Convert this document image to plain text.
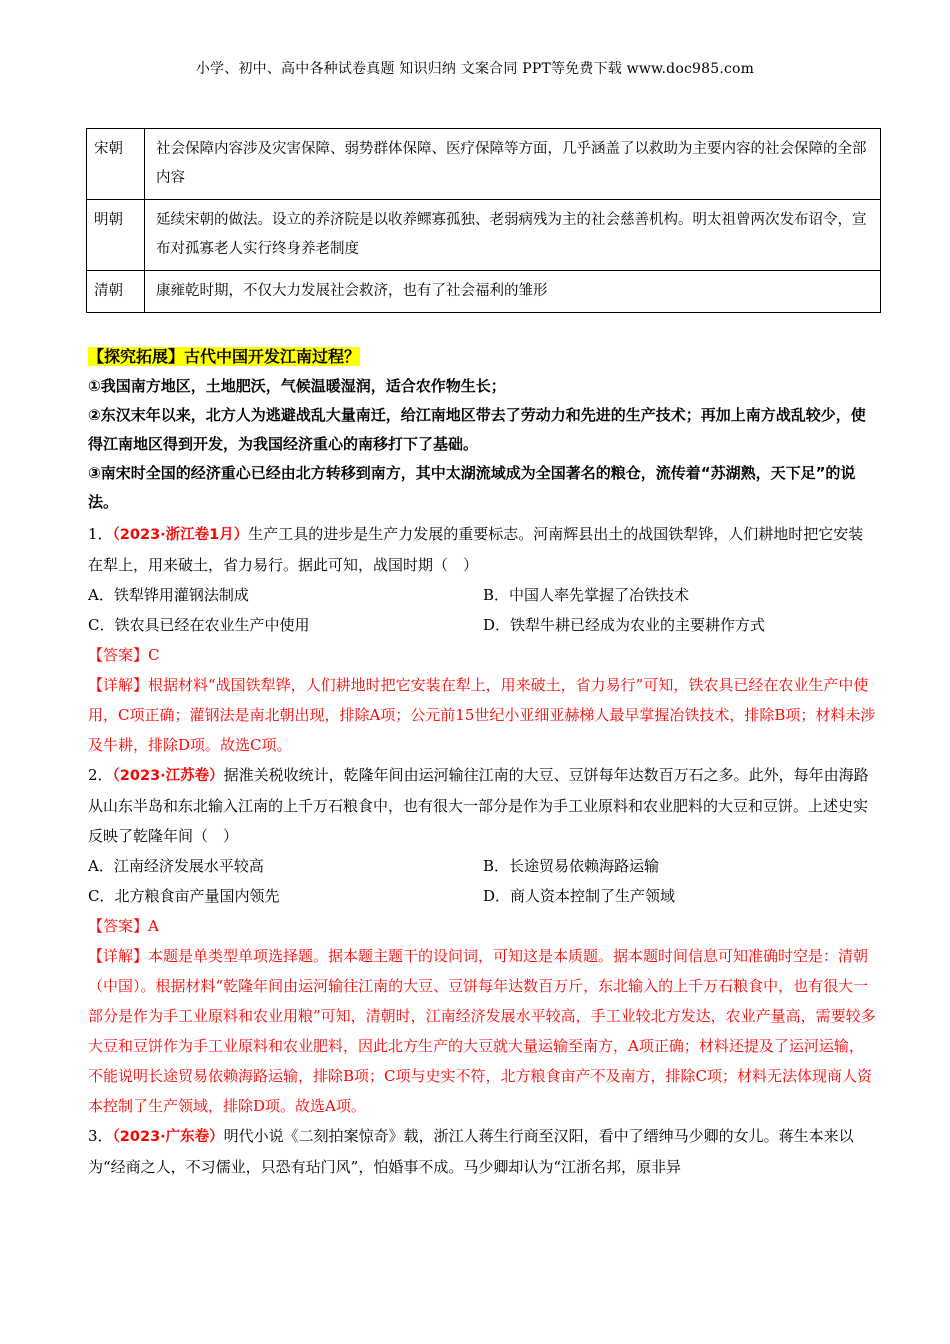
小学、初中、高中各种试卷真题 知识归纳 文案合同 PPT等免费下载 www.doc985.com
宋朝	社会保障内容涉及灾害保障、弱势群体保障、医疗保障等方面，几乎涵盖了以救助为主要内容的社会保障的全部内容
明朝	延续宋朝的做法。设立的养济院是以收养鳏寡孤独、老弱病残为主的社会慈善机构。明太祖曾两次发布诏令，宣布对孤寡老人实行终身养老制度
清朝	康雍乾时期，不仅大力发展社会救济，也有了社会福利的雏形
【探究拓展】古代中国开发江南过程？

①我国南方地区，土地肥沃，气候温暖湿润，适合农作物生长；

②东汉末年以来，北方人为逃避战乱大量南迁，给江南地区带去了劳动力和先进的生产技术；再加上南方战乱较少，使得江南地区得到开发，为我国经济重心的南移打下了基础。

③南宋时全国的经济重心已经由北方转移到南方，其中太湖流域成为全国著名的粮仓，流传着“苏湖熟，天下足”的说法。

1．（2023·浙江卷1月）生产工具的进步是生产力发展的重要标志。河南辉县出土的战国铁犁铧，人们耕地时把它安装在犁上，用来破土，省力易行。据此可知，战国时期（　）

A．铁犁铧用灌钢法制成	B．中国人率先掌握了冶铁技术
C．铁农具已经在农业生产中使用	D．铁犁牛耕已经成为农业的主要耕作方式

【答案】C

【详解】根据材料“战国铁犁铧，人们耕地时把它安装在犁上，用来破土，省力易行”可知，铁农具已经在农业生产中使用，C项正确；灌钢法是南北朝出现，排除A项；公元前15世纪小亚细亚赫梯人最早掌握冶铁技术，排除B项；材料未涉及牛耕，排除D项。故选C项。

2．（2023·江苏卷）据淮关税收统计，乾隆年间由运河输往江南的大豆、豆饼每年达数百万石之多。此外，每年由海路从山东半岛和东北输入江南的上千万石粮食中，也有很大一部分是作为手工业原料和农业肥料的大豆和豆饼。上述史实反映了乾隆年间（　）

A．江南经济发展水平较高	B．长途贸易依赖海路运输
C．北方粮食亩产量国内领先	D．商人资本控制了生产领域

【答案】A

【详解】本题是单类型单项选择题。据本题主题干的设问词，可知这是本质题。据本题时间信息可知准确时空是：清朝（中国）。根据材料“乾隆年间由运河输往江南的大豆、豆饼每年达数百万斤，东北输入的上千万石粮食中，也有很大一部分是作为手工业原料和农业用粮”可知，清朝时，江南经济发展水平较高，手工业较北方发达，农业产量高，需要较多大豆和豆饼作为手工业原料和农业肥料，因此北方生产的大豆就大量运输至南方，A项正确；材料还提及了运河运输，不能说明长途贸易依赖海路运输，排除B项；C项与史实不符，北方粮食亩产不及南方，排除C项；材料无法体现商人资本控制了生产领域，排除D项。故选A项。

3．（2023·广东卷）明代小说《二刻拍案惊奇》载，浙江人蒋生行商至汉阳，看中了缙绅马少卿的女儿。蒋生本来以为“经商之人，不习儒业，只恐有玷门风”，怕婚事不成。马少卿却认为“江浙名邦，原非异
